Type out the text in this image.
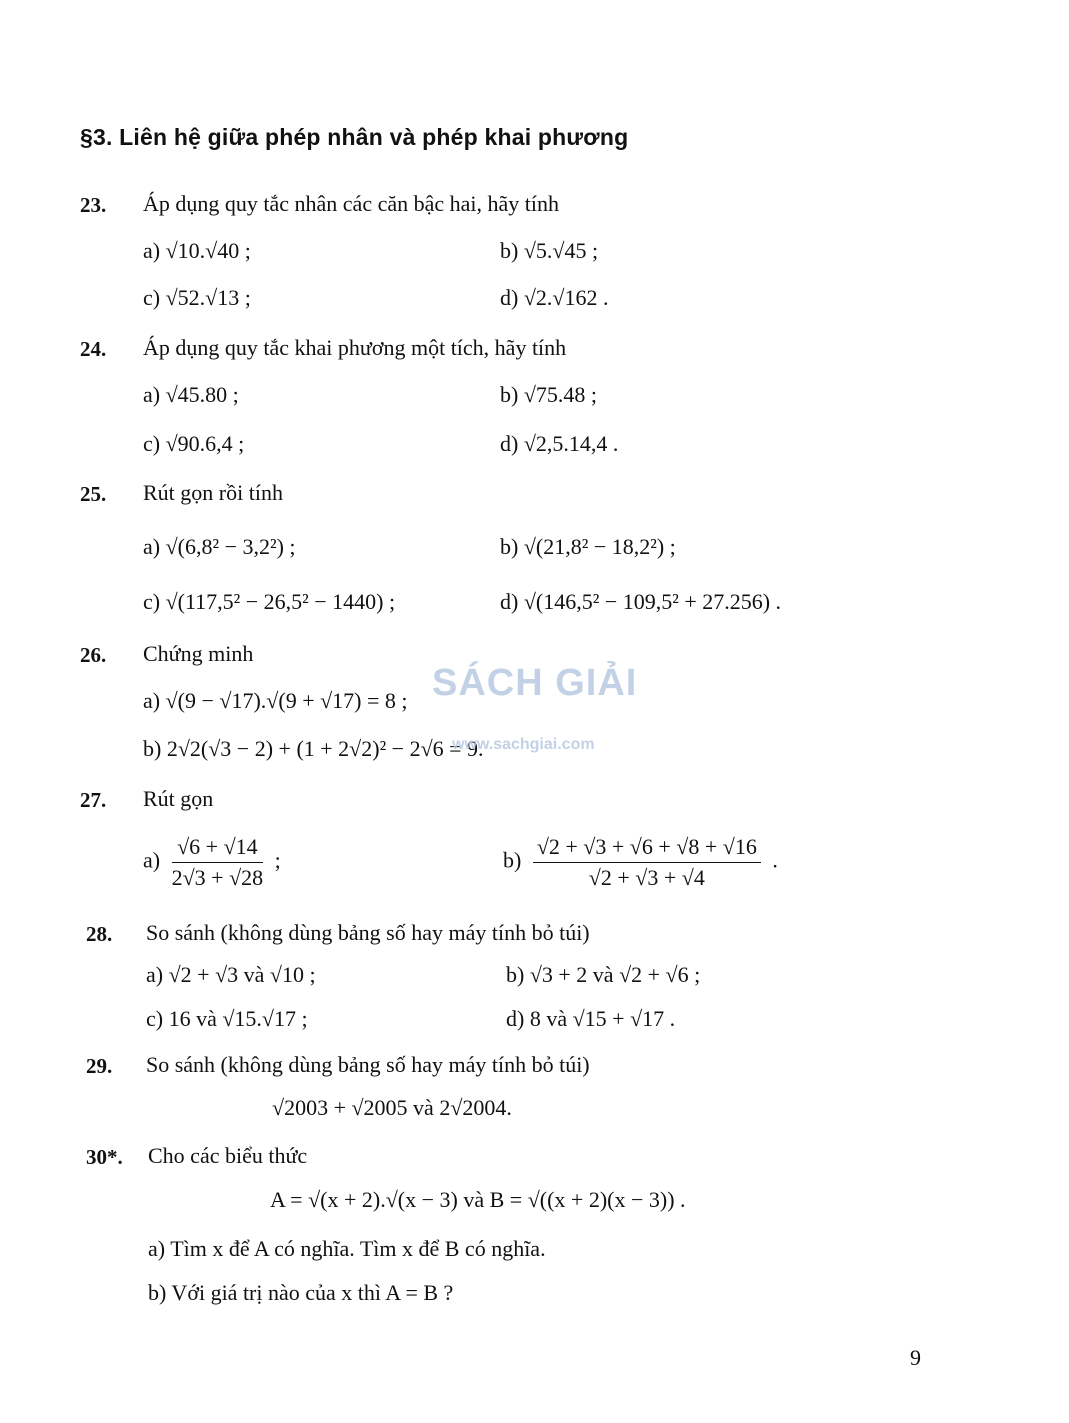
§3. Liên hệ giữa phép nhân và phép khai phương
23. Áp dụng quy tắc nhân các căn bậc hai, hãy tính
a) √10.√40 ;	b) √5.√45 ;
c) √52.√13 ;	d) √2.√162 .
24. Áp dụng quy tắc khai phương một tích, hãy tính
a) √45.80 ;	b) √75.48 ;
c) √90.6,4 ;	d) √2,5.14,4 .
25. Rút gọn rồi tính
a) √(6,8² − 3,2²) ;	b) √(21,8² − 18,2²) ;
c) √(117,5² − 26,5² − 1440) ;	d) √(146,5² − 109,5² + 27.256) .
26. Chứng minh
a) √(9 − √17).√(9 + √17) = 8 ;
b) 2√2(√3 − 2) + (1 + 2√2)² − 2√6 = 9.
27. Rút gọn
$a) \frac{√6 + √14}{2√3 + √28}$ ;	$b) \frac{√2 + √3 + √6 + √8 + √16}{√2 + √3 + √4}$ .
28. So sánh (không dùng bảng số hay máy tính bỏ túi)
a) √2 + √3 và √10 ;	b) √3 + 2 và √2 + √6 ;
c) 16 và √15.√17 ;	d) 8 và √15 + √17 .
29. So sánh (không dùng bảng số hay máy tính bỏ túi)
√2003 + √2005 và 2√2004.
30*. Cho các biểu thức
A = √(x + 2).√(x − 3) và B = √((x + 2)(x − 3)) .
a) Tìm x để A có nghĩa. Tìm x để B có nghĩa.
b) Với giá trị nào của x thì A = B ?
SÁCH GIẢI
www.sachgiai.com
9
